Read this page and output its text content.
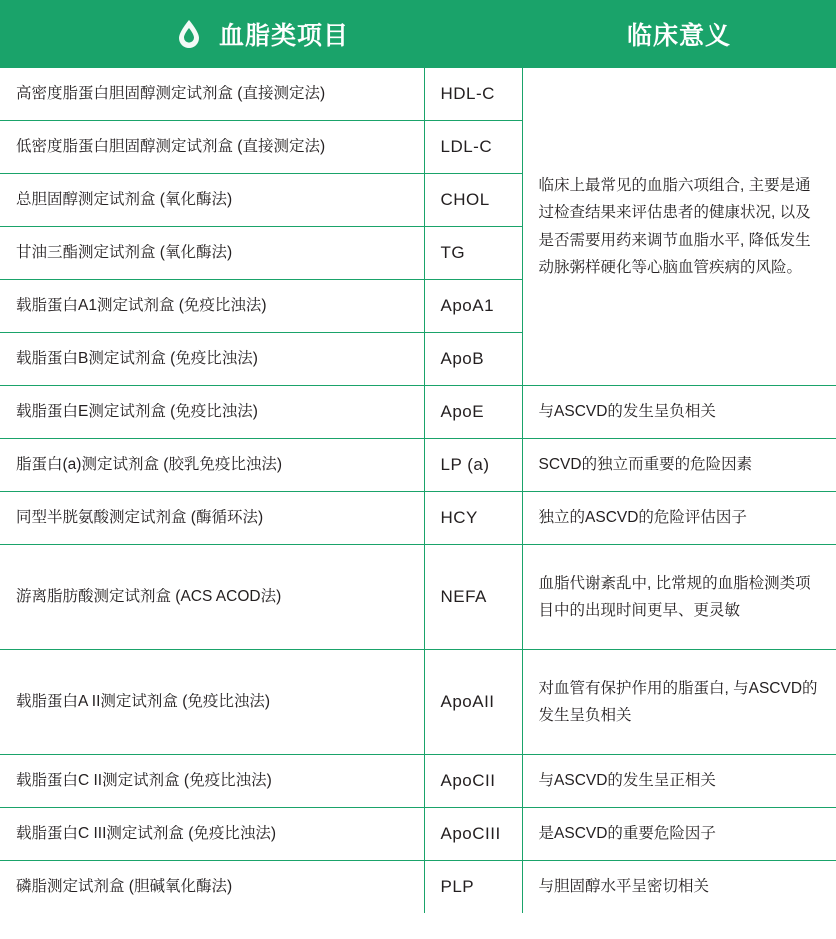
血脂类项目		临床意义
高密度脂蛋白胆固醇测定试剂盒 (直接测定法)	HDL-C	临床上最常见的血脂六项组合, 主要是通过检查结果来评估患者的健康状况, 以及是否需要用药来调节血脂水平, 降低发生动脉粥样硬化等心脑血管疾病的风险。
低密度脂蛋白胆固醇测定试剂盒 (直接测定法)	LDL-C	
总胆固醇测定试剂盒 (氧化酶法)	CHOL	
甘油三酯测定试剂盒 (氧化酶法)	TG	
载脂蛋白A1测定试剂盒 (免疫比浊法)	ApoA1	
载脂蛋白B测定试剂盒 (免疫比浊法)	ApoB	
载脂蛋白E测定试剂盒 (免疫比浊法)	ApoE	与ASCVD的发生呈负相关
脂蛋白(a)测定试剂盒 (胶乳免疫比浊法)	LP (a)	SCVD的独立而重要的危险因素
同型半胱氨酸测定试剂盒 (酶循环法)	HCY	独立的ASCVD的危险评估因子
游离脂肪酸测定试剂盒 (ACS ACOD法)	NEFA	血脂代谢紊乱中, 比常规的血脂检测类项目中的出现时间更早、更灵敏
载脂蛋白A II测定试剂盒 (免疫比浊法)	ApoAII	对血管有保护作用的脂蛋白, 与ASCVD的发生呈负相关
载脂蛋白C II测定试剂盒 (免疫比浊法)	ApoCII	与ASCVD的发生呈正相关
载脂蛋白C III测定试剂盒 (免疫比浊法)	ApoCIII	是ASCVD的重要危险因子
磷脂测定试剂盒 (胆碱氧化酶法)	PLP	与胆固醇水平呈密切相关
